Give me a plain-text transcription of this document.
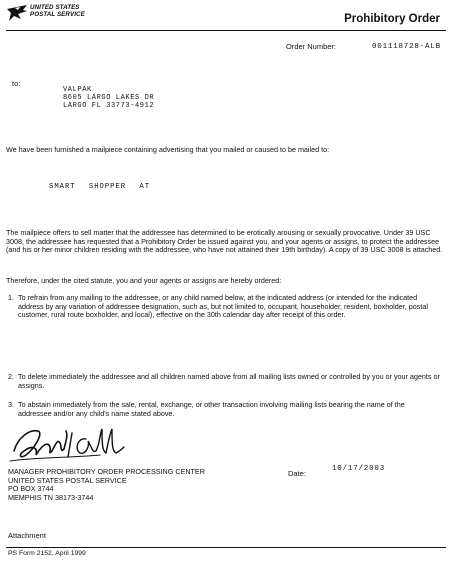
UNITED STATES
POSTAL SERVICE	Prohibitory Order
Order Number:	001118728-ALB
to:
VALPAK
8605 LARGO LAKES DR
LARGO FL 33773-4912
We have been furnished a mailpiece containing advertising that you mailed or caused to be mailed to:
SMART SHOPPER AT
The mailpiece offers to sell matter that the addressee has determined to be erotically arousing or sexually provocative. Under 39 USC 3008, the addressee has requested that a Prohibitory Order be issued against you, and your agents or assigns, to protect the addressee (and his or her minor children residing with the addressee, who have not attained their 19th birthday). A copy of 39 USC 3008 is attached.
Therefore, under the cited statute, you and your agents or assigns are hereby ordered:
1. To refrain from any mailing to the addressee, or any child named below, at the indicated address (or intended for the indicated address by any variation of addressee designation, such as, but not limited to, occupant, householder, resident, boxholder, postal customer, rural route boxholder, and local), effective on the 30th calendar day after receipt of this order.
2. To delete immediately the addressee and all children named above from all mailing lists owned or controlled by you or your agents or assigns.
3. To abstain immediately from the sale, rental, exchange, or other transaction involving mailing lists bearing the name of the addressee and/or any child's name stated above.
Date:	10/17/2003
MANAGER PROHIBITORY ORDER PROCESSING CENTER
UNITED STATES POSTAL SERVICE
PO BOX 3744
MEMPHIS TN 38173-3744
Attachment
PS Form 2152, April 1999
